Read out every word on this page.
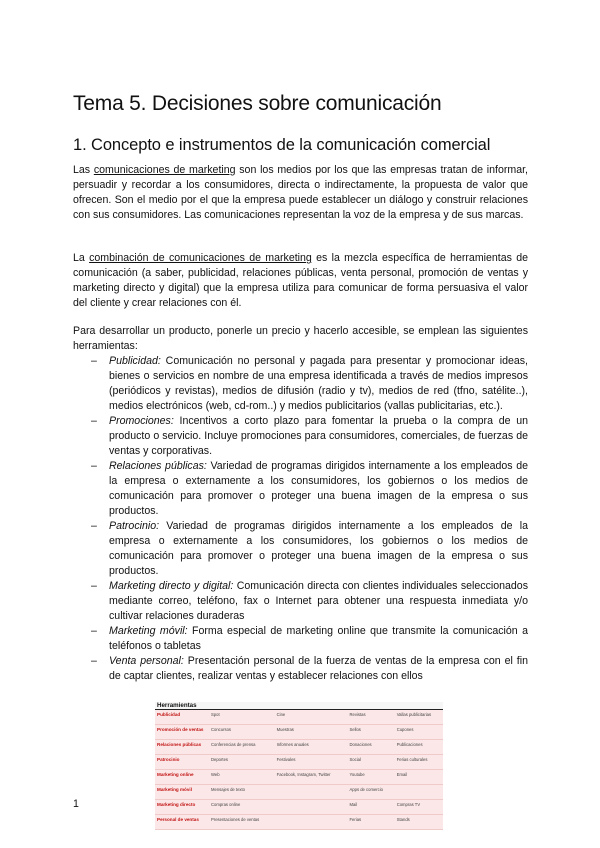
Tema 5. Decisiones sobre comunicación
1. Concepto e instrumentos de la comunicación comercial

Las comunicaciones de marketing son los medios por los que las empresas tratan de informar, persuadir y recordar a los consumidores, directa o indirectamente, la propuesta de valor que ofrecen. Son el medio por el que la empresa puede establecer un diálogo y construir relaciones con sus consumidores. Las comunicaciones representan la voz de la empresa y de sus marcas.

La combinación de comunicaciones de marketing es la mezcla específica de herramientas de comunicación (a saber, publicidad, relaciones públicas, venta personal, promoción de ventas y marketing directo y digital) que la empresa utiliza para comunicar de forma persuasiva el valor del cliente y crear relaciones con él.

Para desarrollar un producto, ponerle un precio y hacerlo accesible, se emplean las siguientes herramientas:

– Publicidad: Comunicación no personal y pagada para presentar y promocionar ideas, bienes o servicios en nombre de una empresa identificada a través de medios impresos (periódicos y revistas), medios de difusión (radio y tv), medios de red (tfno, satélite..), medios electrónicos (web, cd-rom..) y medios publicitarios (vallas publicitarias, etc.).
– Promociones: Incentivos a corto plazo para fomentar la prueba o la compra de un producto o servicio. Incluye promociones para consumidores, comerciales, de fuerzas de ventas y corporativas.
– Relaciones públicas: Variedad de programas dirigidos internamente a los empleados de la empresa o externamente a los consumidores, los gobiernos o los medios de comunicación para promover o proteger una buena imagen de la empresa o sus productos.
– Patrocinio: Variedad de programas dirigidos internamente a los empleados de la empresa o externamente a los consumidores, los gobiernos o los medios de comunicación para promover o proteger una buena imagen de la empresa o sus productos.
– Marketing directo y digital: Comunicación directa con clientes individuales seleccionados mediante correo, teléfono, fax o Internet para obtener una respuesta inmediata y/o cultivar relaciones duraderas
– Marketing móvil: Forma especial de marketing online que transmite la comunicación a teléfonos o tabletas
– Venta personal: Presentación personal de la fuerza de ventas de la empresa con el fin de captar clientes, realizar ventas y establecer relaciones con ellos
Herramientas				
Publicidad	Spot	Cine	Revistas	Vallas publicitarias
Promoción de ventas	Concursos	Muestras	Sellos	Cupones
Relaciones públicas	Conferencias de prensa	Informes anuales	Donaciones	Publicaciones
Patrocinio	Deportes	Festivales	Social	Ferias culturales
Marketing online	Web	Facebook, Instagram, Twitter	Youtube	Email
Marketing móvil	Mensajes de texto		Apps de comercio	
Marketing directo	Compras online		Mail	Compras TV
Personal de ventas	Presentaciones de ventas		Ferias	Stands
1
